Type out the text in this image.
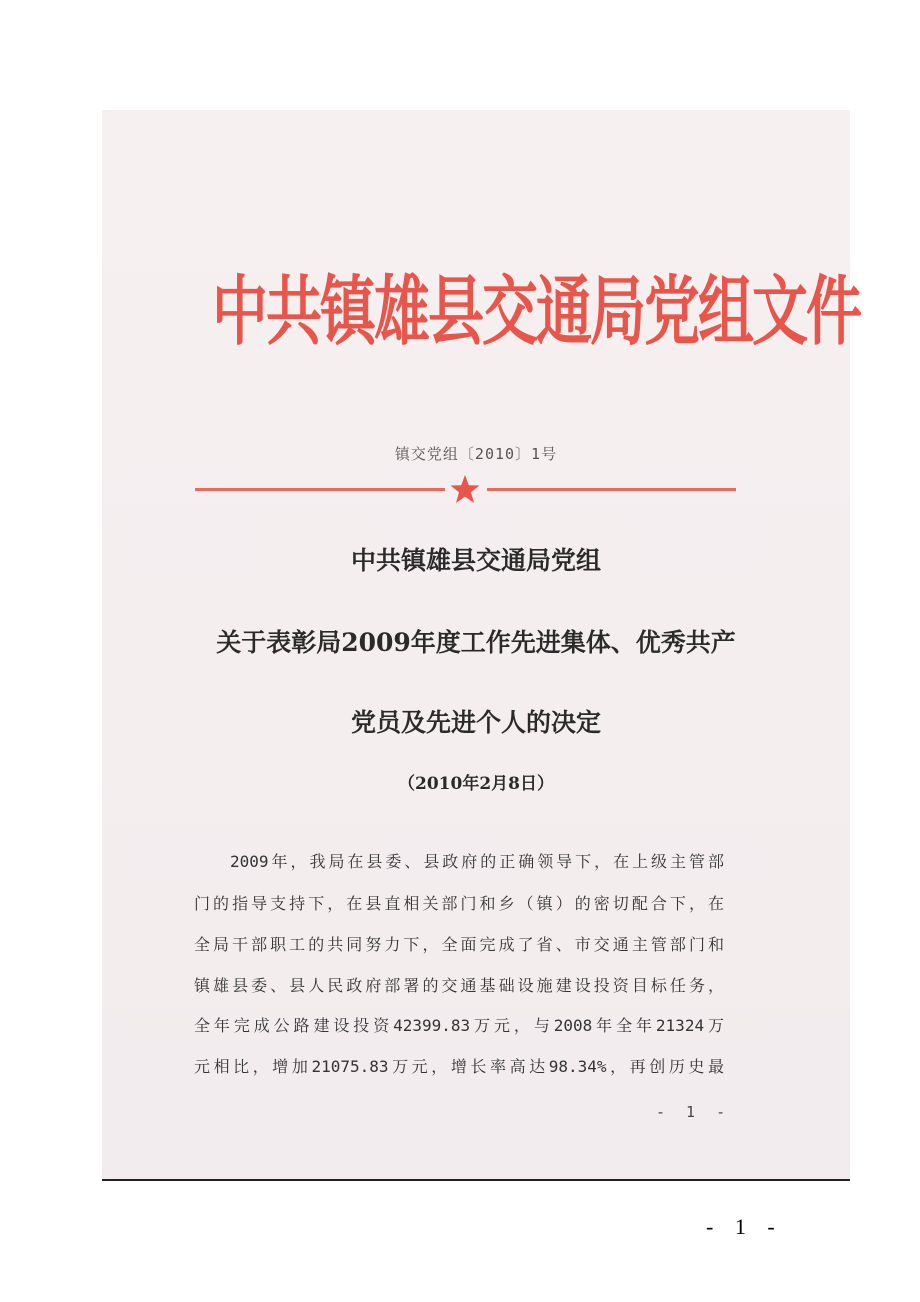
中共镇雄县交通局党组文件
镇交党组〔2010〕1号
中共镇雄县交通局党组
关于表彰局2009年度工作先进集体、优秀共产
党员及先进个人的决定
（2010年2月8日）
2009年，我局在县委、县政府的正确领导下，在上级主管部
门的指导支持下，在县直相关部门和乡（镇）的密切配合下，在
全局干部职工的共同努力下，全面完成了省、市交通主管部门和
镇雄县委、县人民政府部署的交通基础设施建设投资目标任务，
全年完成公路建设投资42399.83万元，与2008年全年21324万
元相比，增加21075.83万元，增长率高达98.34%，再创历史最
- 1 -
- 1 -
